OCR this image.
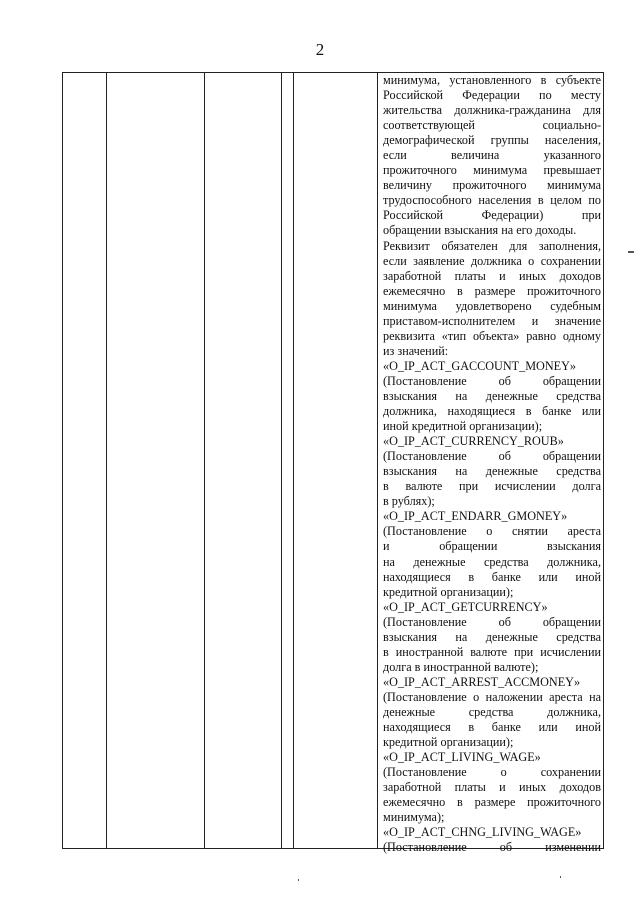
2
минимума, установленного в субъекте
Российской Федерации по месту
жительства должника-гражданина для
соответствующей социально-
демографической группы населения,
если величина указанного
прожиточного минимума превышает
величину прожиточного минимума
трудоспособного населения в целом по
Российской Федерации) при
обращении взыскания на его доходы.
Реквизит обязателен для заполнения,
если заявление должника о сохранении
заработной платы и иных доходов
ежемесячно в размере прожиточного
минимума удовлетворено судебным
приставом-исполнителем и значение
реквизита «тип объекта» равно одному
из значений:
«O_IP_ACT_GACCOUNT_MONEY»
(Постановление об обращении
взыскания на денежные средства
должника, находящиеся в банке или
иной кредитной организации);
«O_IP_ACT_CURRENCY_ROUB»
(Постановление об обращении
взыскания на денежные средства
в валюте при исчислении долга
в рублях);
«O_IP_ACT_ENDARR_GMONEY»
(Постановление о снятии ареста
и обращении взыскания
на денежные средства должника,
находящиеся в банке или иной
кредитной организации);
«O_IP_ACT_GETCURRENCY»
(Постановление об обращении
взыскания на денежные средства
в иностранной валюте при исчислении
долга в иностранной валюте);
«O_IP_ACT_ARREST_ACCMONEY»
(Постановление о наложении ареста на
денежные средства должника,
находящиеся в банке или иной
кредитной организации);
«O_IP_ACT_LIVING_WAGE»
(Постановление о сохранении
заработной платы и иных доходов
ежемесячно в размере прожиточного
минимума);
«O_IP_ACT_CHNG_LIVING_WAGE»
(Постановление об изменении
